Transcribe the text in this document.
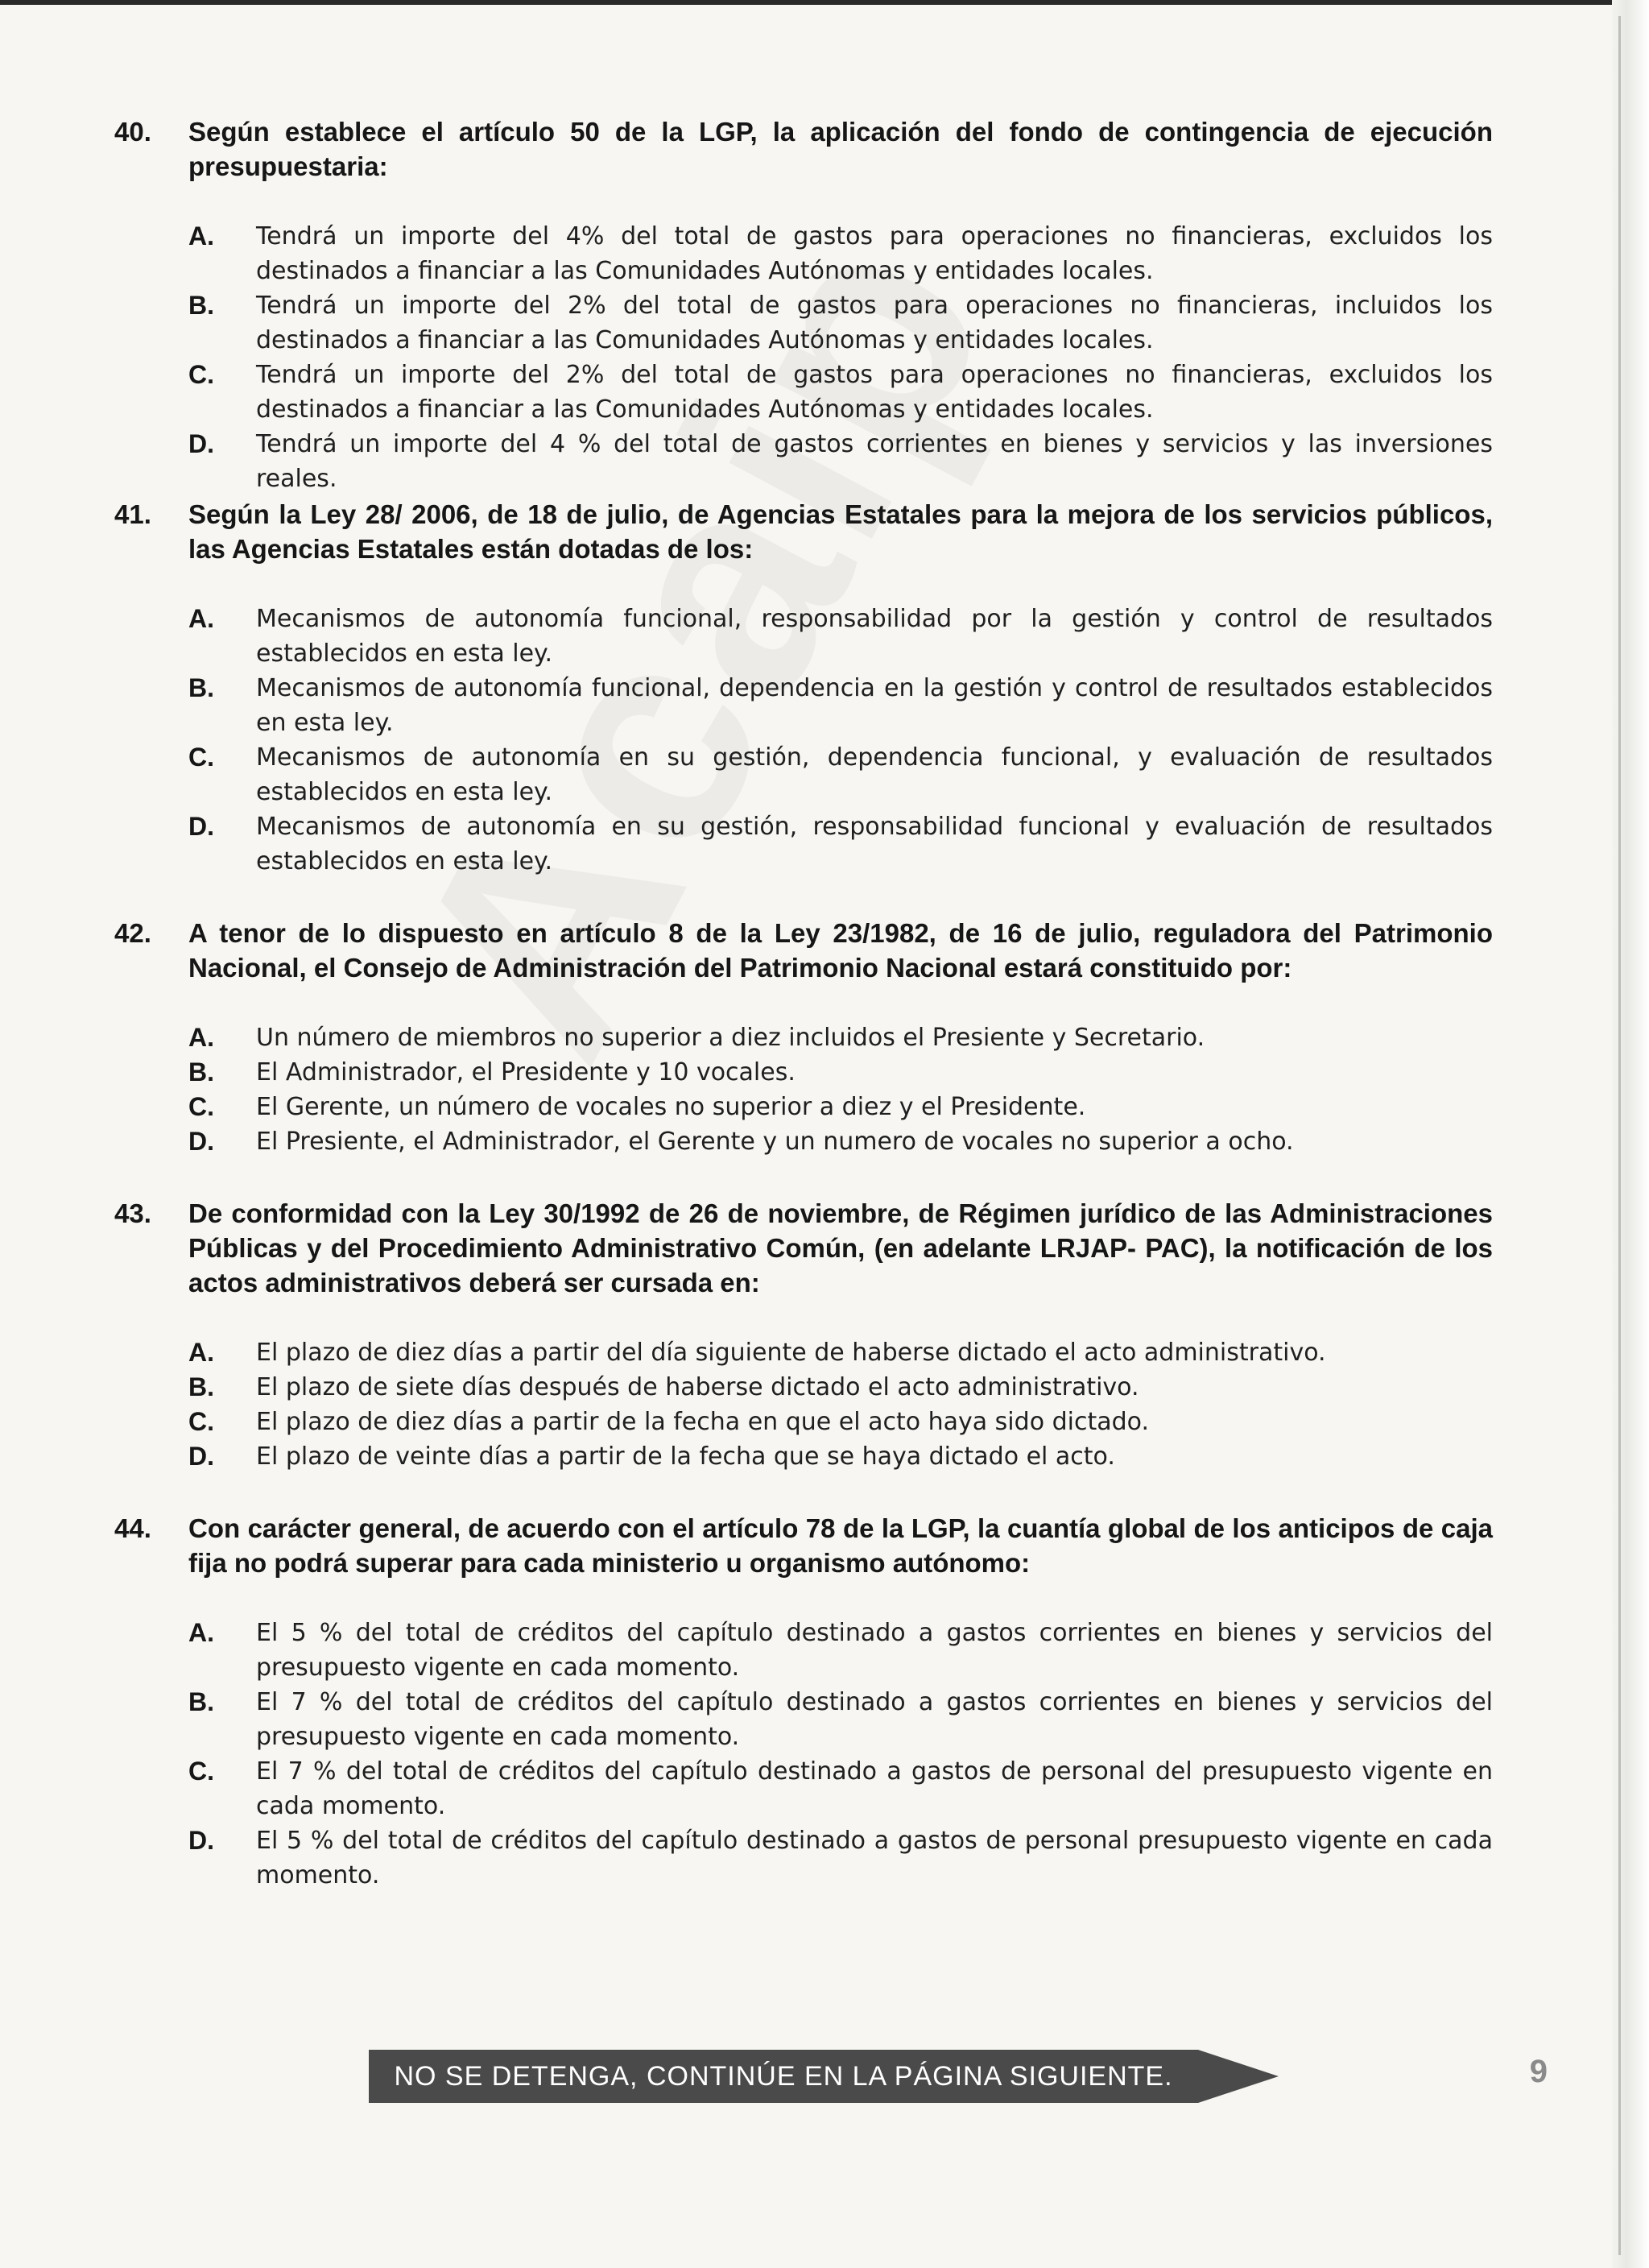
40.	Según establece el artículo 50 de la LGP, la aplicación del fondo de contingencia de ejecución presupuestaria:
A.	Tendrá un importe del 4% del total de gastos para operaciones no financieras, excluidos los destinados a financiar a las Comunidades Autónomas y entidades locales.
B.	Tendrá un importe del 2% del total de gastos para operaciones no financieras, incluidos los destinados a financiar a las Comunidades Autónomas y entidades locales.
C.	Tendrá un importe del 2% del total de gastos para operaciones no financieras, excluidos los destinados a financiar a las Comunidades Autónomas y entidades locales.
D.	Tendrá un importe del 4 % del total de gastos corrientes en bienes y servicios y las inversiones reales.
41.	Según la Ley 28/ 2006, de 18 de julio, de Agencias Estatales para la mejora de los servicios públicos, las Agencias Estatales están dotadas de los:
A.	Mecanismos de autonomía funcional, responsabilidad por la gestión y control de resultados establecidos en esta ley.
B.	Mecanismos de autonomía funcional, dependencia en la gestión y control de resultados establecidos en esta ley.
C.	Mecanismos de autonomía en su gestión, dependencia funcional, y evaluación de resultados establecidos en esta ley.
D.	Mecanismos de autonomía en su gestión, responsabilidad funcional y evaluación de resultados establecidos en esta ley.
42.	A tenor de lo dispuesto en artículo 8 de la Ley 23/1982, de 16 de julio, reguladora del Patrimonio Nacional, el Consejo de Administración del Patrimonio Nacional estará constituido por:
A.	Un número de miembros no superior a diez incluidos el Presiente y Secretario.
B.	El Administrador, el Presidente y 10 vocales.
C.	El Gerente, un número de vocales no superior a diez y el Presidente.
D.	El Presiente, el Administrador, el Gerente y un numero de vocales no superior a ocho.
43.	De conformidad con la Ley 30/1992 de 26 de noviembre, de Régimen jurídico de las Administraciones Públicas y del Procedimiento Administrativo Común, (en adelante LRJAP- PAC), la notificación de los actos administrativos deberá ser cursada en:
A.	El plazo de diez días a partir del día siguiente de haberse dictado el acto administrativo.
B.	El plazo de siete días después de haberse dictado el acto administrativo.
C.	El plazo de diez días a partir de la fecha en que el acto haya sido dictado.
D.	El plazo de veinte días a partir de la fecha que se haya dictado el acto.
44.	Con carácter general, de acuerdo con el artículo 78 de la LGP, la cuantía global de los anticipos de caja fija no podrá superar para cada ministerio u organismo autónomo:
A.	El 5 % del total de créditos del capítulo destinado a gastos corrientes en bienes y servicios del presupuesto vigente en cada momento.
B.	El 7 % del total de créditos del capítulo destinado a gastos corrientes en bienes y servicios del presupuesto vigente en cada momento.
C.	El 7 % del total de créditos del capítulo destinado a gastos de personal del presupuesto vigente en cada momento.
D.	El 5 % del total de créditos del capítulo destinado a gastos de personal presupuesto vigente en cada momento.
NO SE DETENGA, CONTINÚE EN LA PÁGINA SIGUIENTE.	9
